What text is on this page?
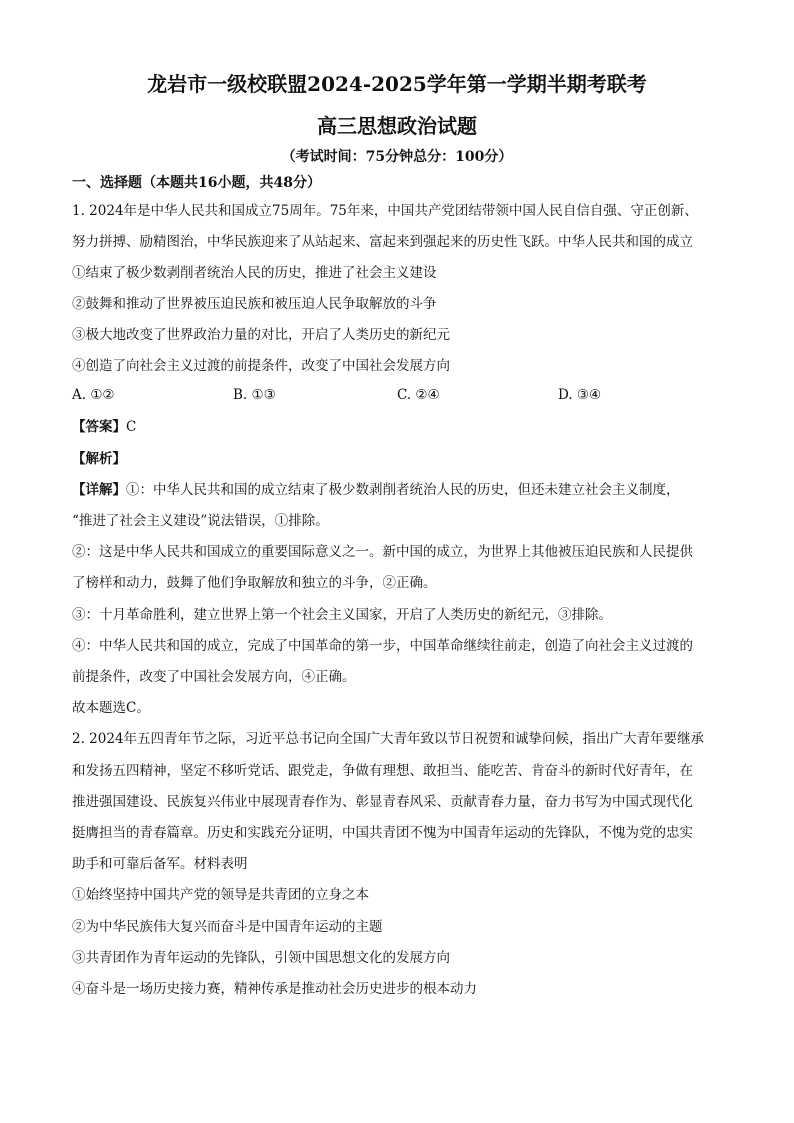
龙岩市一级校联盟2024-2025学年第一学期半期考联考
高三思想政治试题
（考试时间：75分钟总分：100分）
一、选择题（本题共16小题，共48分）
1. 2024年是中华人民共和国成立75周年。75年来，中国共产党团结带领中国人民自信自强、守正创新、
努力拼搏、励精图治，中华民族迎来了从站起来、富起来到强起来的历史性飞跃。中华人民共和国的成立
①结束了极少数剥削者统治人民的历史，推进了社会主义建设
②鼓舞和推动了世界被压迫民族和被压迫人民争取解放的斗争
③极大地改变了世界政治力量的对比，开启了人类历史的新纪元
④创造了向社会主义过渡的前提条件，改变了中国社会发展方向
A. ①②	B. ①③	C. ②④	D. ③④
【答案】C
【解析】
【详解】①：中华人民共和国的成立结束了极少数剥削者统治人民的历史，但还未建立社会主义制度，
“推进了社会主义建设”说法错误，①排除。
②：这是中华人民共和国成立的重要国际意义之一。新中国的成立，为世界上其他被压迫民族和人民提供
了榜样和动力，鼓舞了他们争取解放和独立的斗争，②正确。
③：十月革命胜利，建立世界上第一个社会主义国家，开启了人类历史的新纪元，③排除。
④：中华人民共和国的成立，完成了中国革命的第一步，中国革命继续往前走，创造了向社会主义过渡的
前提条件，改变了中国社会发展方向，④正确。
故本题选C。
2. 2024年五四青年节之际，习近平总书记向全国广大青年致以节日祝贺和诚挚问候，指出广大青年要继承
和发扬五四精神，坚定不移听党话、跟党走，争做有理想、敢担当、能吃苦、肯奋斗的新时代好青年，在
推进强国建设、民族复兴伟业中展现青春作为、彰显青春风采、贡献青春力量，奋力书写为中国式现代化
挺膺担当的青春篇章。历史和实践充分证明，中国共青团不愧为中国青年运动的先锋队，不愧为党的忠实
助手和可靠后备军。材料表明
①始终坚持中国共产党的领导是共青团的立身之本
②为中华民族伟大复兴而奋斗是中国青年运动的主题
③共青团作为青年运动的先锋队，引领中国思想文化的发展方向
④奋斗是一场历史接力赛，精神传承是推动社会历史进步的根本动力
